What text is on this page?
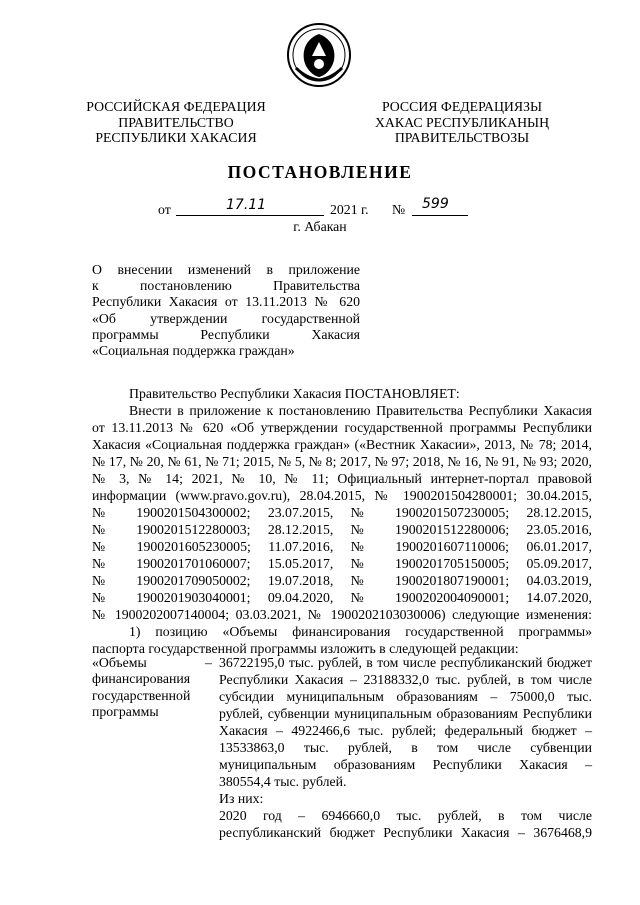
РОССИЙСКАЯ ФЕДЕРАЦИЯ
ПРАВИТЕЛЬСТВО
РЕСПУБЛИКИ ХАКАСИЯ
РОССИЯ ФЕДЕРАЦИЯЗЫ
ХАКАС РЕСПУБЛИКАНЫҢ
ПРАВИТЕЛЬСТВОЗЫ
ПОСТАНОВЛЕНИЕ
от	17.11	2021 г. № 599
г. Абакан
О внесении изменений в приложение
к постановлению Правительства
Республики Хакасия от 13.11.2013 № 620
«Об утверждении государственной
программы Республики Хакасия
«Социальная поддержка граждан»
Правительство Республики Хакасия ПОСТАНОВЛЯЕТ:
Внести в приложение к постановлению Правительства Республики Хакасия
от 13.11.2013 № 620 «Об утверждении государственной программы Республики
Хакасия «Социальная поддержка граждан» («Вестник Хакасии», 2013, № 78; 2014,
№ 17, № 20, № 61, № 71; 2015, № 5, № 8; 2017, № 97; 2018, № 16, № 91, № 93; 2020,
№ 3, № 14; 2021, № 10, № 11; Официальный интернет-портал правовой
информации (www.pravo.gov.ru), 28.04.2015, № 1900201504280001; 30.04.2015,
№ 1900201504300002; 23.07.2015, № 1900201507230005; 28.12.2015,
№ 1900201512280003; 28.12.2015, № 1900201512280006; 23.05.2016,
№ 1900201605230005; 11.07.2016, № 1900201607110006; 06.01.2017,
№ 1900201701060007; 15.05.2017, № 1900201705150005; 05.09.2017,
№ 1900201709050002; 19.07.2018, № 1900201807190001; 04.03.2019,
№ 1900201903040001; 09.04.2020, № 1900202004090001; 14.07.2020,
№ 1900202007140004; 03.03.2021, № 1900202103030006) следующие изменения:
1) позицию «Объемы финансирования государственной программы»
паспорта государственной программы изложить в следующей редакции:
«Объемы
финансирования
государственной
программы
– 36722195,0 тыс. рублей, в том числе республиканский бюджет
Республики Хакасия – 23188332,0 тыс. рублей, в том числе
субсидии муниципальным образованиям – 75000,0 тыс.
рублей, субвенции муниципальным образованиям Республики
Хакасия – 4922466,6 тыс. рублей; федеральный бюджет –
13533863,0 тыс. рублей, в том числе субвенции
муниципальным образованиям Республики Хакасия –
380554,4 тыс. рублей.
Из них:
2020 год – 6946660,0 тыс. рублей, в том числе
республиканский бюджет Республики Хакасия – 3676468,9
